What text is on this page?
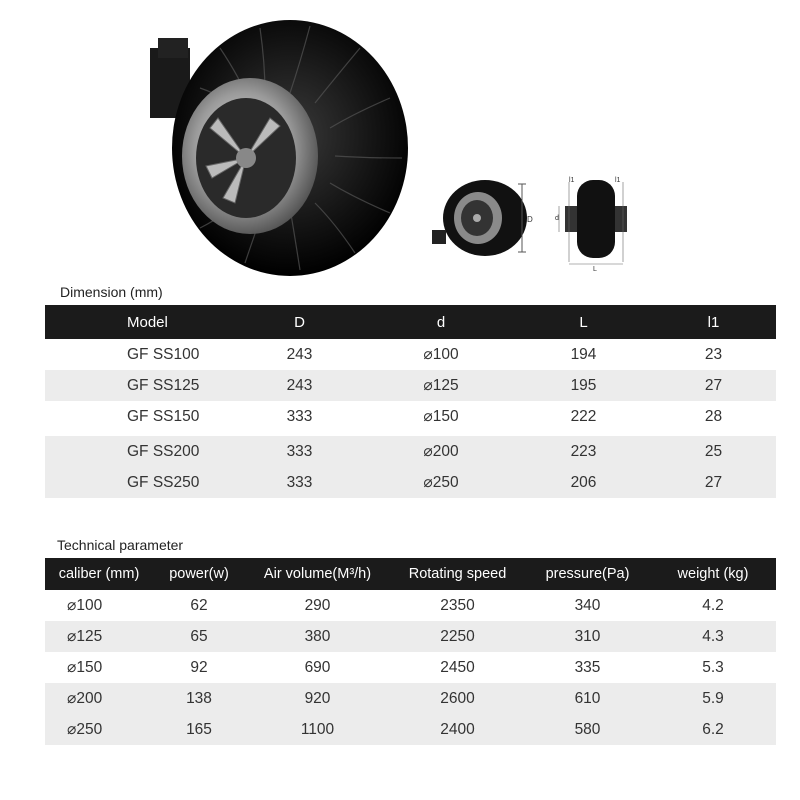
D
l1	l1
d
L
Dimension (mm)
Model	D	d	L	l1
GF SS100	243	⌀100	194	23
GF SS125	243	⌀125	195	27
GF SS150	333	⌀150	222	28

GF SS200	333	⌀200	223	25
GF SS250	333	⌀250	206	27
Technical parameter
caliber (mm)	power(w)	Air volume(M³/h)	Rotating speed	pressure(Pa)	weight (kg)
⌀100	62	290	2350	340	4.2
⌀125	65	380	2250	310	4.3
⌀150	92	690	2450	335	5.3
⌀200	138	920	2600	610	5.9
⌀250	165	1100	2400	580	6.2
